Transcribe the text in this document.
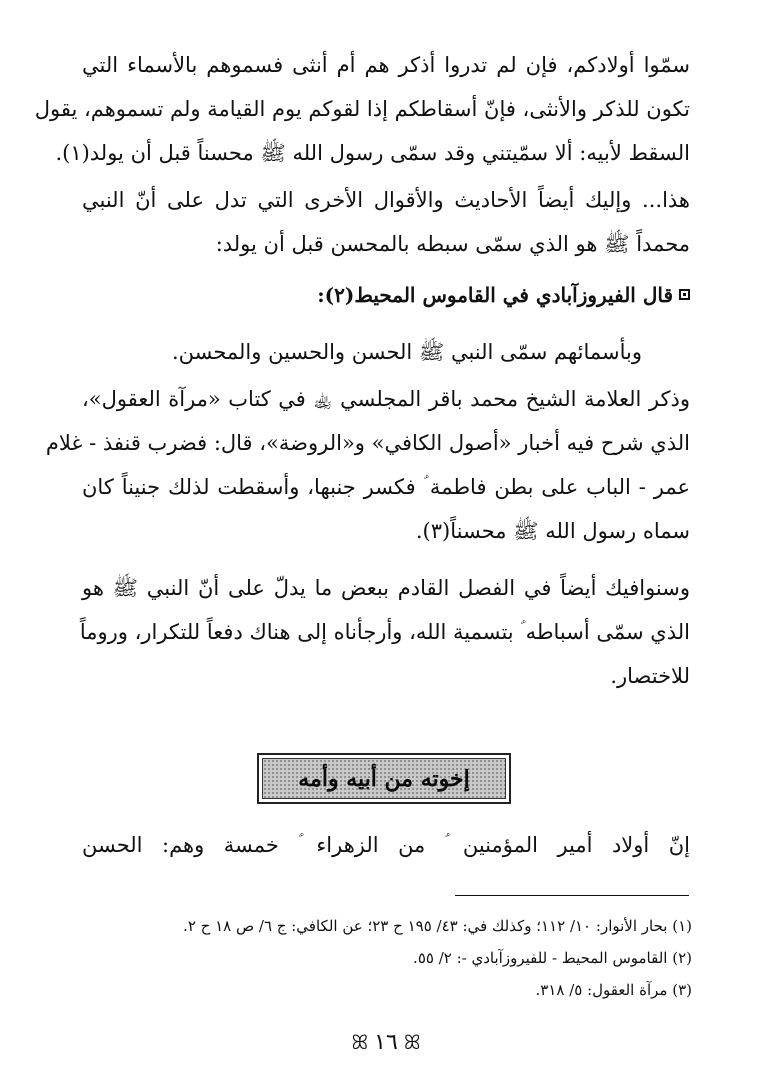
سمّوا أولادكم، فإن لم تدروا أذكر هم أم أنثى فسموهم بالأسماء التي
تكون للذكر والأنثى، فإنّ أسقاطكم إذا لقوكم يوم القيامة ولم تسموهم، يقول
السقط لأبيه: ألا سمّيتني وقد سمّى رسول الله ﷺ محسناً قبل أن يولد(١).
هذا... وإليك أيضاً الأحاديث والأقوال الأخرى التي تدل على أنّ النبي
محمداً ﷺ هو الذي سمّى سبطه بالمحسن قبل أن يولد:
قال الفيروزآبادي في القاموس المحيط(٢):
وبأسمائهم سمّى النبي ﷺ الحسن والحسين والمحسن.
وذكر العلامة الشيخ محمد باقر المجلسي ﵀ في كتاب «مرآة العقول»،
الذي شرح فيه أخبار «أصول الكافي» و«الروضة»، قال: فضرب قنفذ - غلام
عمر - الباب على بطن فاطمة ؑ فكسر جنبها، وأسقطت لذلك جنيناً كان
سماه رسول الله ﷺ محسناً(٣).
وسنوافيك أيضاً في الفصل القادم ببعض ما يدلّ على أنّ النبي ﷺ هو
الذي سمّى أسباطه ؑ بتسمية الله، وأرجأناه إلى هناك دفعاً للتكرار، وروماً
للاختصار.
إخوته من أبيه وأمه
إنّ أولاد أمير المؤمنين ؑ من الزهراء ؑ خمسة وهم: الحسن
(١) بحار الأنوار: ١٠/ ١١٢؛ وكذلك في: ٤٣/ ١٩٥ ح ٢٣؛ عن الكافي: ج ٦/ ص ١٨ ح ٢.
(٢) القاموس المحيط - للفيروزآبادي -: ٢/ ٥٥.
(٣) مرآة العقول: ٥/ ٣١٨.
ꕤ ١٦ ꕤ
